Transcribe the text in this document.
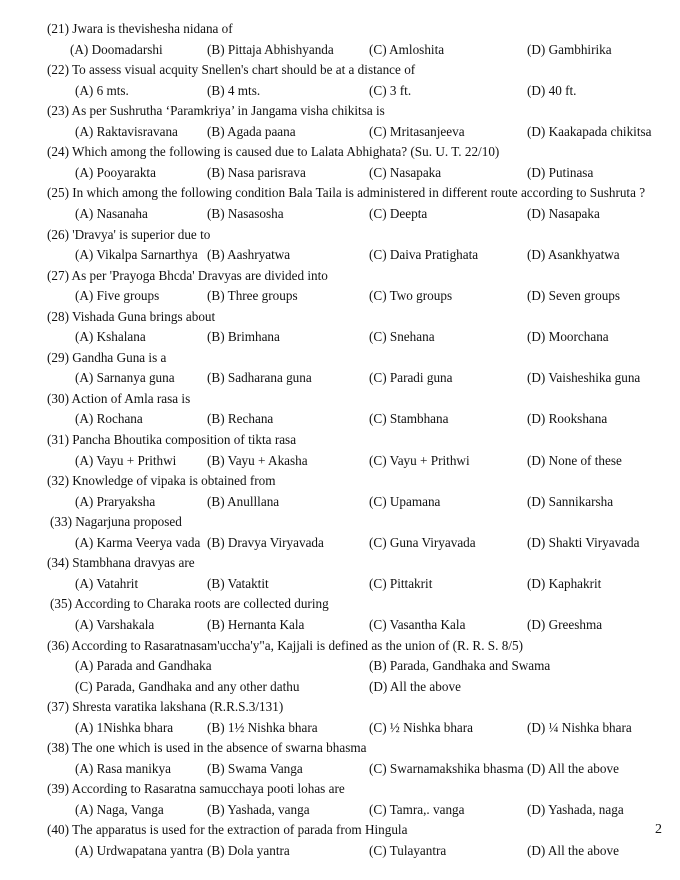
(21) Jwara is thevishesha nidana of
(A) Doomadarshi	(B) Pittaja Abhishyanda	(C) Amloshita	(D) Gambhirika
(22) To assess visual acquity Snellen's chart should be at a distance of
(A) 6 mts.	(B) 4 mts.	(C) 3 ft.	(D) 40 ft.
(23) As per Sushrutha ‘Paramkriya’ in Jangama visha chikitsa is
(A) Raktavisravana (B) Agada paana	(C) Mritasanjeeva	(D) Kaakapada chikitsa
(24) Which among the following is caused due to Lalata Abhighata? (Su. U. T. 22/10)
(A) Pooyarakta	(B) Nasa parisrava	(C) Nasapaka	(D) Putinasa
(25) In which among the following condition Bala Taila is administered in different route according to Sushruta ?
(A) Nasanaha	(B) Nasasosha	(C) Deepta	(D) Nasapaka
(26) 'Dravya' is superior due to
(A) Vikalpa Sarnarthya (B) Aashryatwa	(C) Daiva Pratighata	(D) Asankhyatwa
(27) As per 'Prayoga Bhcda' Dravyas are divided into
(A) Five groups	(B) Three groups	(C) Two groups	(D) Seven groups
(28) Vishada Guna brings about
(A) Kshalana	(B) Brimhana	(C) Snehana	(D) Moorchana
(29) Gandha Guna is a
(A) Sarnanya guna (B) Sadharana guna	(C) Paradi guna	(D) Vaisheshika guna
(30) Action of Amla rasa is
(A) Rochana	(B) Rechana	(C) Stambhana	(D) Rookshana
(31) Pancha Bhoutika composition of tikta rasa
(A) Vayu + Prithwi (B) Vayu + Akasha	(C) Vayu + Prithwi	(D) None of these
(32) Knowledge of vipaka is obtained from
(A) Praryaksha	(B) Anulllana	(C) Upamana	(D) Sannikarsha
(33) Nagarjuna proposed
(A) Karma Veerya vada (B) Dravya Viryavada	(C) Guna Viryavada	(D) Shakti Viryavada
(34) Stambhana dravyas are
(A) Vatahrit	(B) Vataktit	(C) Pittakrit	(D) Kaphakrit
(35) According to Charaka roots are collected during
(A) Varshakala	(B) Hernanta Kala	(C) Vasantha Kala	(D) Greeshma
(36) According to Rasaratnasam'uccha'y"a, Kajjali is defined as the union of (R. R. S. 8/5)
(A) Parada and Gandhaka	(B) Parada, Gandhaka and Swama
(C) Parada, Gandhaka and any other dathu	(D) All the above
(37) Shresta varatika lakshana (R.R.S.3/131)
(A) 1Nishka bhara	(B) 1½ Nishka bhara	(C) ½ Nishka bhara	(D) ¼ Nishka bhara
(38) The one which is used in the absence of swarna bhasma
(A) Rasa manikya	(B) Swama Vanga	(C) Swarnamakshika bhasma (D) All the above
(39) According to Rasaratna samucchaya pooti lohas are
(A) Naga, Vanga	(B) Yashada, vanga	(C) Tamra,. vanga	(D) Yashada, naga
(40) The apparatus is used for the extraction of parada from Hingula
(A) Urdwapatana yantra (B) Dola yantra	(C) Tulayantra	(D) All the above
2
